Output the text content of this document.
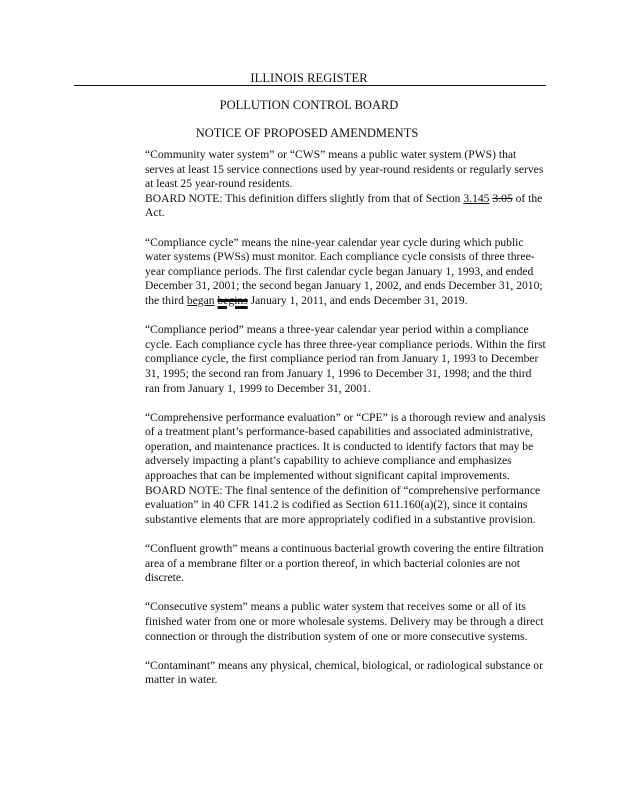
ILLINOIS REGISTER
POLLUTION CONTROL BOARD
NOTICE OF PROPOSED AMENDMENTS
“Community water system” or “CWS” means a public water system (PWS) that serves at least 15 service connections used by year-round residents or regularly serves at least 25 year-round residents.
BOARD NOTE: This definition differs slightly from that of Section 3.145 3.05 of the Act.
“Compliance cycle” means the nine-year calendar year cycle during which public water systems (PWSs) must monitor. Each compliance cycle consists of three three-year compliance periods. The first calendar cycle began January 1, 1993, and ended December 31, 2001; the second began January 1, 2002, and ends December 31, 2010; the third began begins January 1, 2011, and ends December 31, 2019.
“Compliance period” means a three-year calendar year period within a compliance cycle. Each compliance cycle has three three-year compliance periods. Within the first compliance cycle, the first compliance period ran from January 1, 1993 to December 31, 1995; the second ran from January 1, 1996 to December 31, 1998; and the third ran from January 1, 1999 to December 31, 2001.
“Comprehensive performance evaluation” or “CPE” is a thorough review and analysis of a treatment plant’s performance-based capabilities and associated administrative, operation, and maintenance practices. It is conducted to identify factors that may be adversely impacting a plant’s capability to achieve compliance and emphasizes approaches that can be implemented without significant capital improvements.
BOARD NOTE: The final sentence of the definition of “comprehensive performance evaluation” in 40 CFR 141.2 is codified as Section 611.160(a)(2), since it contains substantive elements that are more appropriately codified in a substantive provision.
“Confluent growth” means a continuous bacterial growth covering the entire filtration area of a membrane filter or a portion thereof, in which bacterial colonies are not discrete.
“Consecutive system” means a public water system that receives some or all of its finished water from one or more wholesale systems. Delivery may be through a direct connection or through the distribution system of one or more consecutive systems.
“Contaminant” means any physical, chemical, biological, or radiological substance or matter in water.
